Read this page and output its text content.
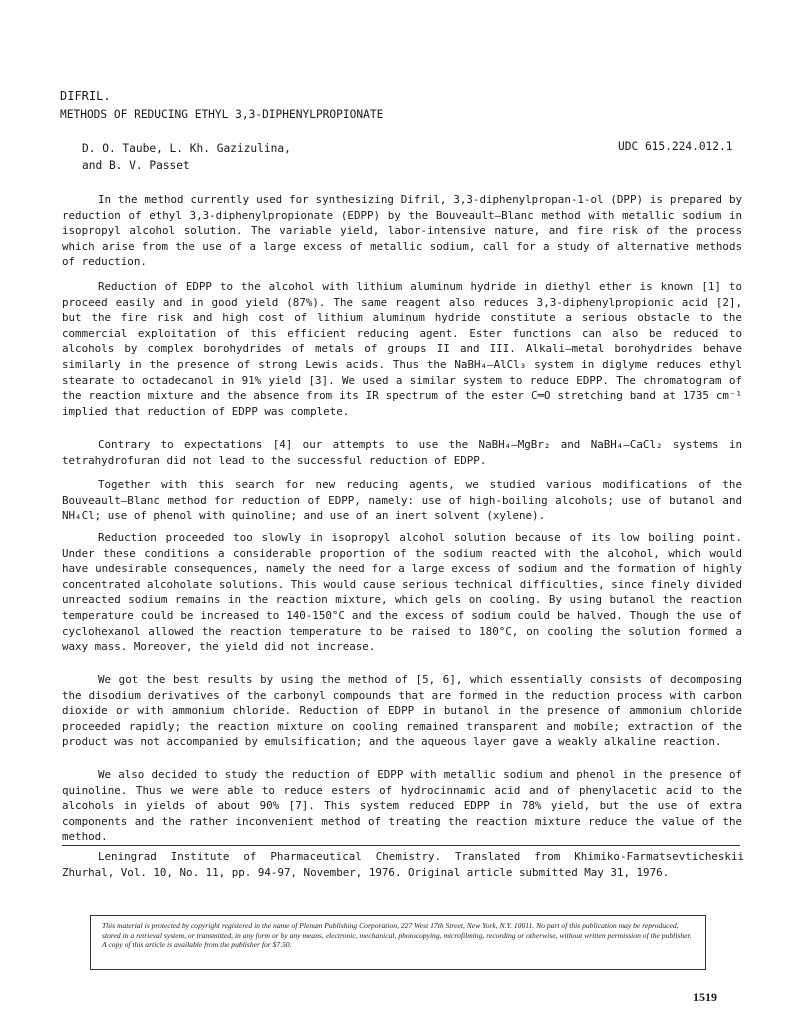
DIFRIL.
METHODS OF REDUCING ETHYL 3,3-DIPHENYLPROPIONATE
D. O. Taube, L. Kh. Gazizulina,
and B. V. Passet
UDC 615.224.012.1

In the method currently used for synthesizing Difril, 3,3-diphenylpropan-1-ol (DPP) is prepared by reduction of ethyl 3,3-diphenylpropionate (EDPP) by the Bouveault—Blanc method with metallic sodium in isopropyl alcohol solution. The variable yield, labor-intensive nature, and fire risk of the process which arise from the use of a large excess of metallic sodium, call for a study of alternative methods of reduction.

Reduction of EDPP to the alcohol with lithium aluminum hydride in diethyl ether is known [1] to proceed easily and in good yield (87%). The same reagent also reduces 3,3-diphenylpropionic acid [2], but the fire risk and high cost of lithium aluminum hydride constitute a serious obstacle to the commercial exploitation of this efficient reducing agent. Ester functions can also be reduced to alcohols by complex borohydrides of metals of groups II and III. Alkali—metal borohydrides behave similarly in the presence of strong Lewis acids. Thus the NaBH₄—AlCl₃ system in diglyme reduces ethyl stearate to octadecanol in 91% yield [3]. We used a similar system to reduce EDPP. The chromatogram of the reaction mixture and the absence from its IR spectrum of the ester C═O stretching band at 1735 cm⁻¹ implied that reduction of EDPP was complete.

Contrary to expectations [4] our attempts to use the NaBH₄—MgBr₂ and NaBH₄—CaCl₂ systems in tetrahydrofuran did not lead to the successful reduction of EDPP.

Together with this search for new reducing agents, we studied various modifications of the Bouveault—Blanc method for reduction of EDPP, namely: use of high-boiling alcohols; use of butanol and NH₄Cl; use of phenol with quinoline; and use of an inert solvent (xylene).

Reduction proceeded too slowly in isopropyl alcohol solution because of its low boiling point. Under these conditions a considerable proportion of the sodium reacted with the alcohol, which would have undesirable consequences, namely the need for a large excess of sodium and the formation of highly concentrated alcoholate solutions. This would cause serious technical difficulties, since finely divided unreacted sodium remains in the reaction mixture, which gels on cooling. By using butanol the reaction temperature could be increased to 140-150°C and the excess of sodium could be halved. Though the use of cyclohexanol allowed the reaction temperature to be raised to 180°C, on cooling the solution formed a waxy mass. Moreover, the yield did not increase.

We got the best results by using the method of [5, 6], which essentially consists of decomposing the disodium derivatives of the carbonyl compounds that are formed in the reduction process with carbon dioxide or with ammonium chloride. Reduction of EDPP in butanol in the presence of ammonium chloride proceeded rapidly; the reaction mixture on cooling remained transparent and mobile; extraction of the product was not accompanied by emulsification; and the aqueous layer gave a weakly alkaline reaction.

We also decided to study the reduction of EDPP with metallic sodium and phenol in the presence of quinoline. Thus we were able to reduce esters of hydrocinnamic acid and of phenylacetic acid to the alcohols in yields of about 90% [7]. This system reduced EDPP in 78% yield, but the use of extra components and the rather inconvenient method of treating the reaction mixture reduce the value of the method.

Leningrad Institute of Pharmaceutical Chemistry. Translated from Khimiko-Farmatsevticheskii Zhurhal, Vol. 10, No. 11, pp. 94-97, November, 1976. Original article submitted May 31, 1976.

This material is protected by copyright registered in the name of Plenum Publishing Corporation, 227 West 17th Street, New York, N.Y. 10011. No part of this publication may be reproduced, stored in a retrieval system, or transmitted, in any form or by any means, electronic, mechanical, photocopying, microfilming, recording or otherwise, without written permission of the publisher. A copy of this article is available from the publisher for $7.50.
1519
